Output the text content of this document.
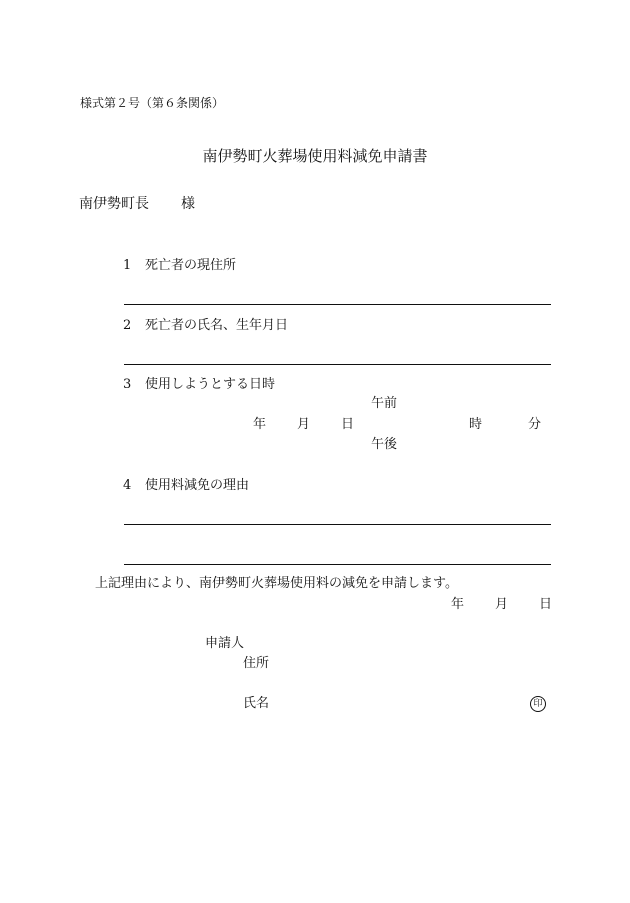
様式第２号（第６条関係）
南伊勢町火葬場使用料減免申請書
南伊勢町長 様
1 死亡者の現住所
2 死亡者の氏名、生年月日
3 使用しようとする日時
午前
年 月 日	時	分
午後
4 使用料減免の理由
上記理由により、南伊勢町火葬場使用料の減免を申請します。
年 月 日
申請人
住所
氏名	印
